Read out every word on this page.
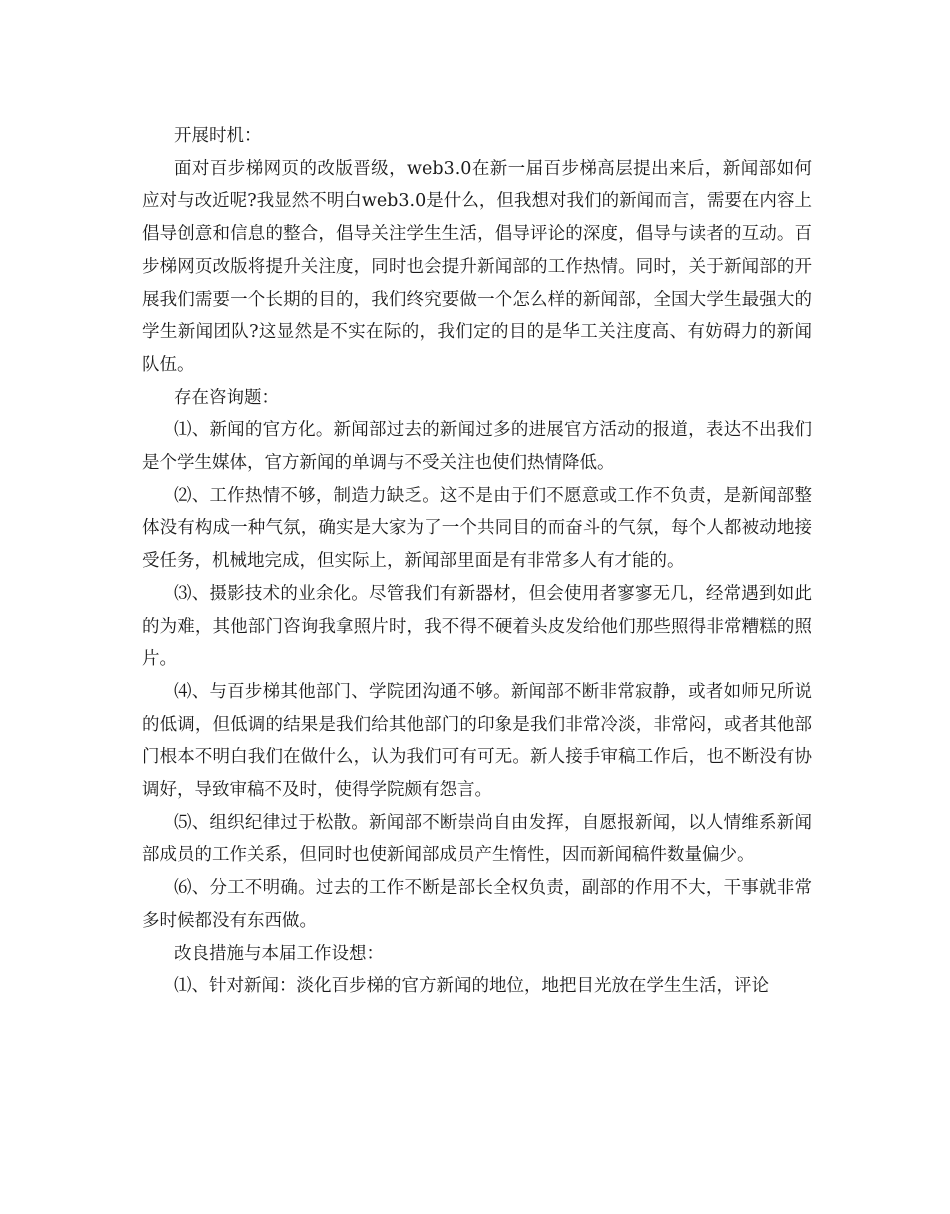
开展时机：

面对百步梯网页的改版晋级，web3.0在新一届百步梯高层提出来后，新闻部如何应对与改近呢?我显然不明白web3.0是什么，但我想对我们的新闻而言，需要在内容上倡导创意和信息的整合，倡导关注学生生活，倡导评论的深度，倡导与读者的互动。百步梯网页改版将提升关注度，同时也会提升新闻部的工作热情。同时，关于新闻部的开展我们需要一个长期的目的，我们终究要做一个怎么样的新闻部，全国大学生最强大的学生新闻团队?这显然是不实在际的，我们定的目的是华工关注度高、有妨碍力的新闻队伍。

存在咨询题：

⑴、新闻的官方化。新闻部过去的新闻过多的进展官方活动的报道，表达不出我们是个学生媒体，官方新闻的单调与不受关注也使们热情降低。

⑵、工作热情不够，制造力缺乏。这不是由于们不愿意或工作不负责，是新闻部整体没有构成一种气氛，确实是大家为了一个共同目的而奋斗的气氛，每个人都被动地接受任务，机械地完成，但实际上，新闻部里面是有非常多人有才能的。

⑶、摄影技术的业余化。尽管我们有新器材，但会使用者寥寥无几，经常遇到如此的为难，其他部门咨询我拿照片时，我不得不硬着头皮发给他们那些照得非常糟糕的照片。

⑷、与百步梯其他部门、学院团沟通不够。新闻部不断非常寂静，或者如师兄所说的低调，但低调的结果是我们给其他部门的印象是我们非常冷淡，非常闷，或者其他部门根本不明白我们在做什么，认为我们可有可无。新人接手审稿工作后，也不断没有协调好，导致审稿不及时，使得学院颇有怨言。

⑸、组织纪律过于松散。新闻部不断崇尚自由发挥，自愿报新闻，以人情维系新闻部成员的工作关系，但同时也使新闻部成员产生惰性，因而新闻稿件数量偏少。

⑹、分工不明确。过去的工作不断是部长全权负责，副部的作用不大，干事就非常多时候都没有东西做。

改良措施与本届工作设想：

⑴、针对新闻：淡化百步梯的官方新闻的地位，地把目光放在学生生活，评论
